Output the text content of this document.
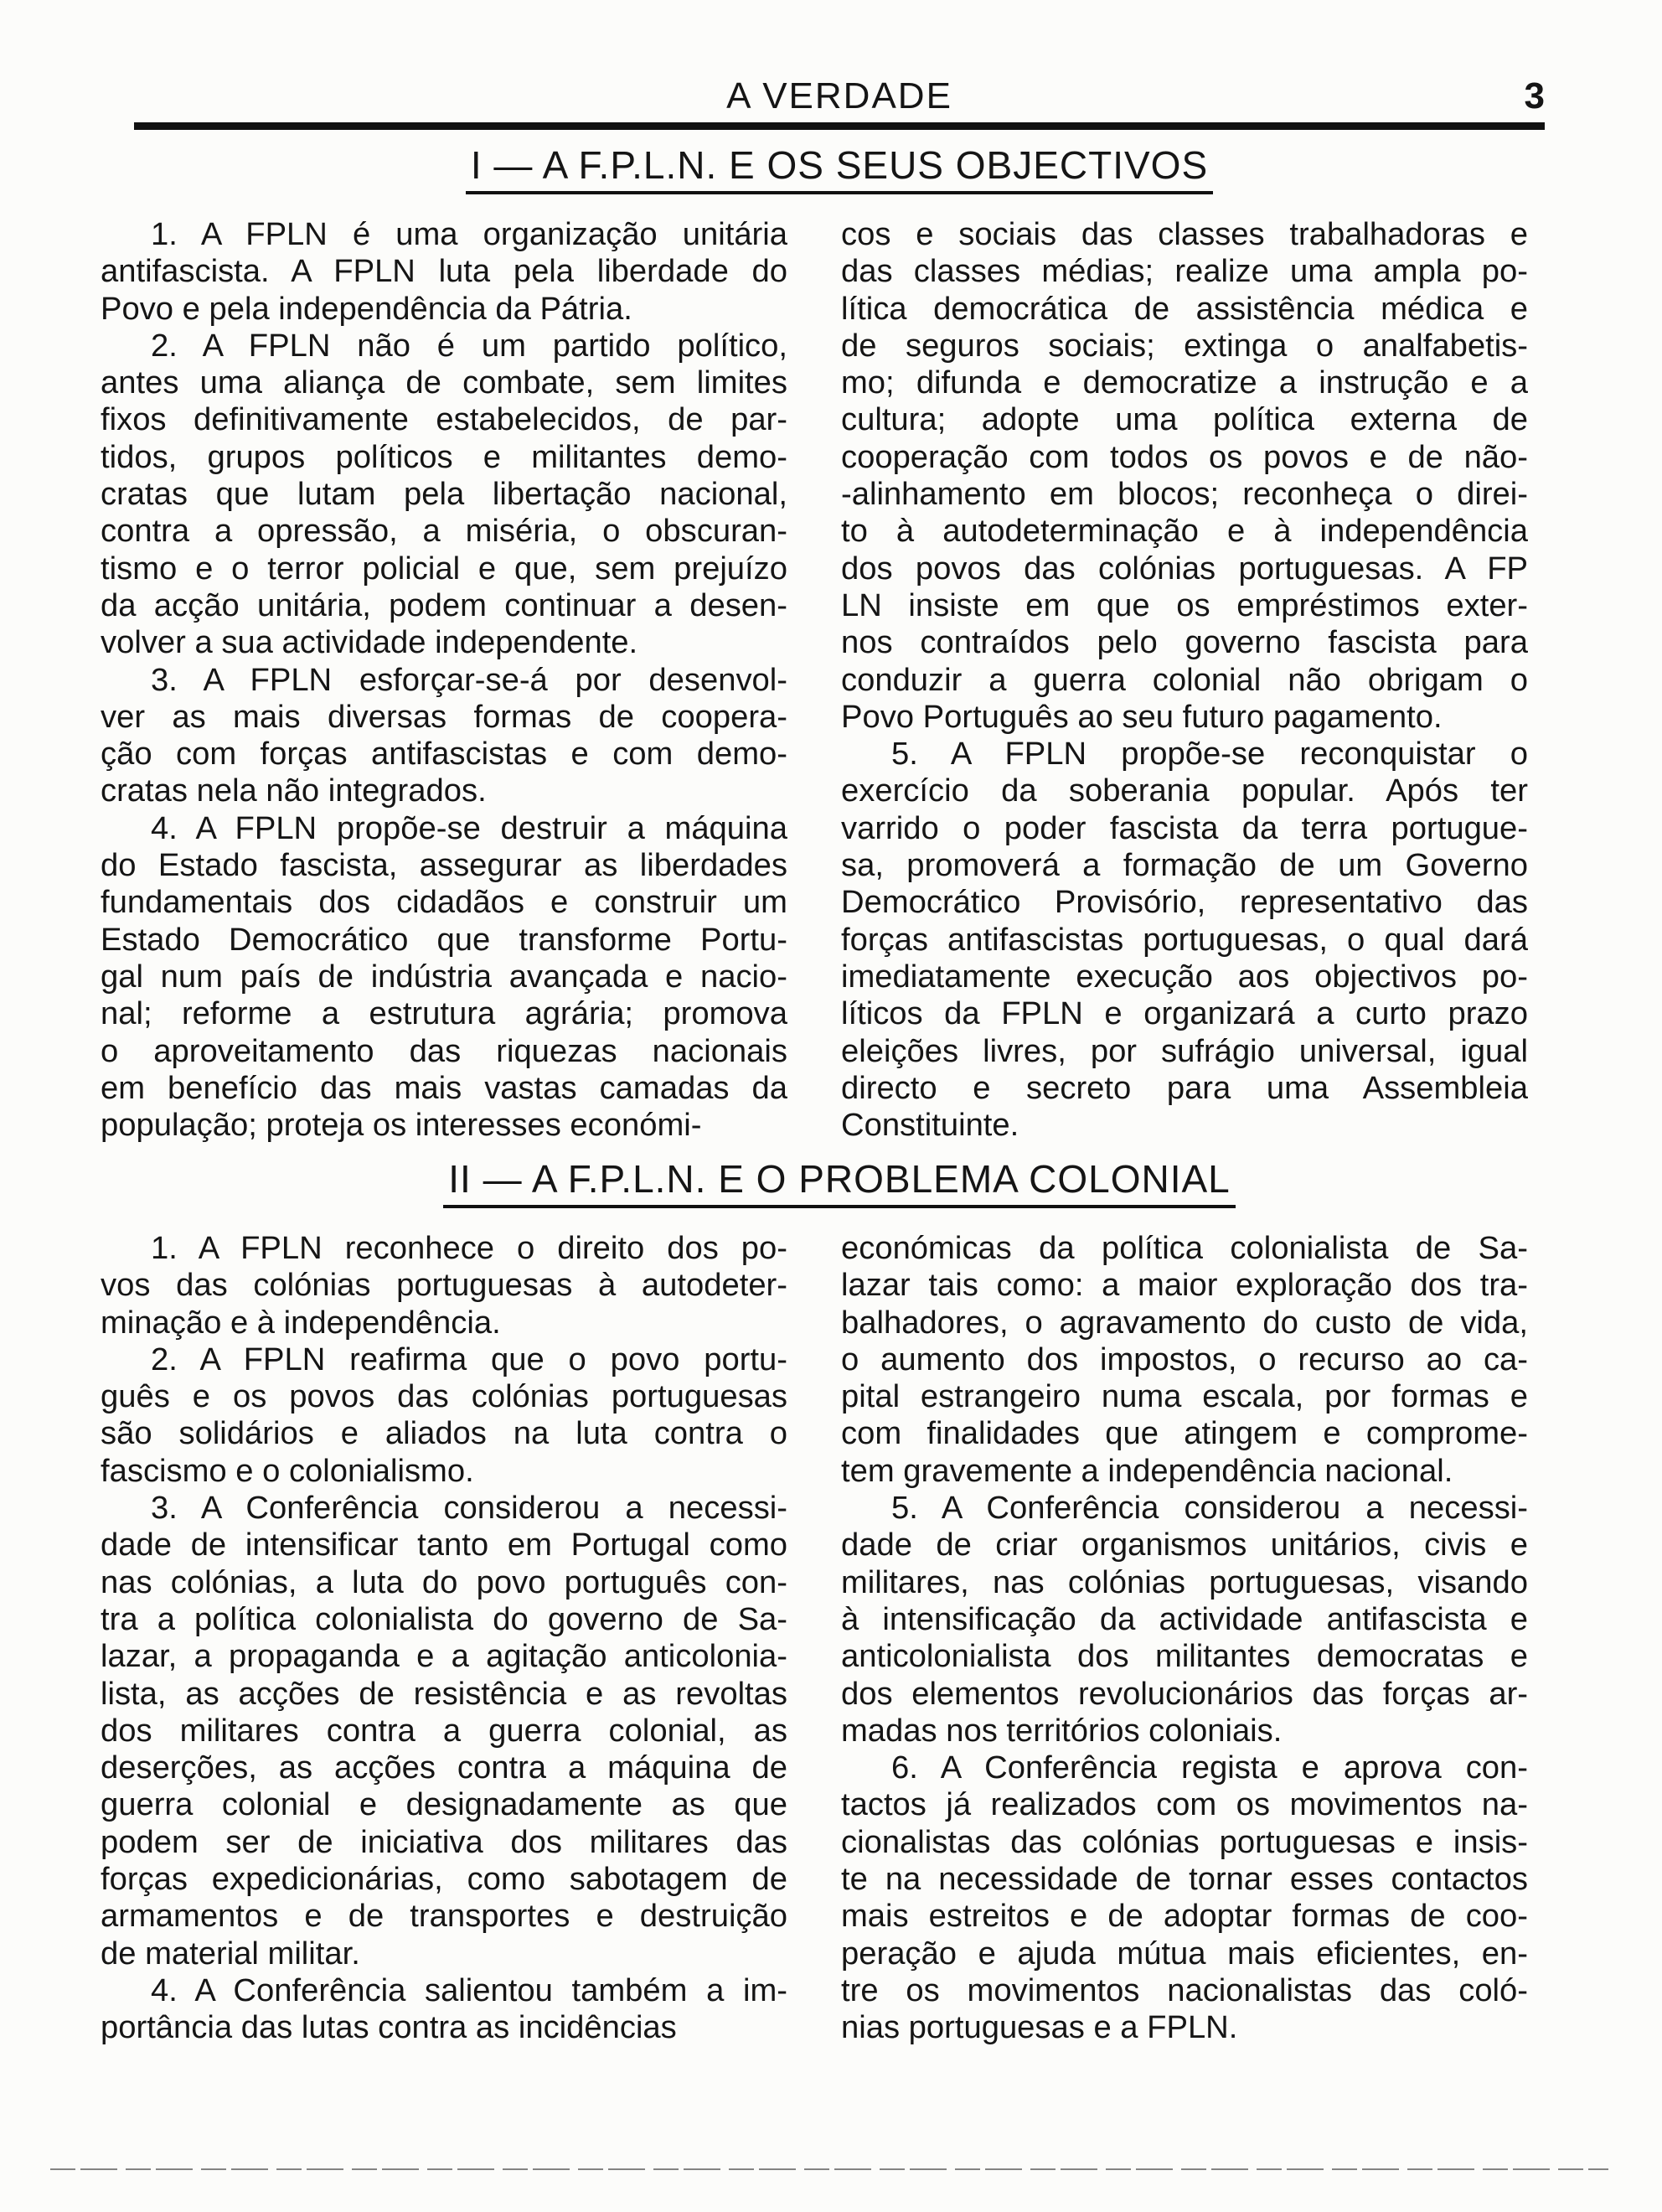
A VERDADE	3
I — A F.P.L.N. E OS SEUS OBJECTIVOS
1. A FPLN é uma organização unitária
antifascista. A FPLN luta pela liberdade do
Povo e pela independência da Pátria.
2. A FPLN não é um partido político,
antes uma aliança de combate, sem limites
fixos definitivamente estabelecidos, de par-
tidos, grupos políticos e militantes demo-
cratas que lutam pela libertação nacional,
contra a opressão, a miséria, o obscuran-
tismo e o terror policial e que, sem prejuízo
da acção unitária, podem continuar a desen-
volver a sua actividade independente.
3. A FPLN esforçar-se-á por desenvol-
ver as mais diversas formas de coopera-
ção com forças antifascistas e com demo-
cratas nela não integrados.
4. A FPLN propõe-se destruir a máquina
do Estado fascista, assegurar as liberdades
fundamentais dos cidadãos e construir um
Estado Democrático que transforme Portu-
gal num país de indústria avançada e nacio-
nal; reforme a estrutura agrária; promova
o aproveitamento das riquezas nacionais
em benefício das mais vastas camadas da
população; proteja os interesses económi-
cos e sociais das classes trabalhadoras e
das classes médias; realize uma ampla po-
lítica democrática de assistência médica e
de seguros sociais; extinga o analfabetis-
mo; difunda e democratize a instrução e a
cultura; adopte uma política externa de
cooperação com todos os povos e de não-
-alinhamento em blocos; reconheça o direi-
to à autodeterminação e à independência
dos povos das colónias portuguesas. A FP
LN insiste em que os empréstimos exter-
nos contraídos pelo governo fascista para
conduzir a guerra colonial não obrigam o
Povo Português ao seu futuro pagamento.
5. A FPLN propõe-se reconquistar o
exercício da soberania popular. Após ter
varrido o poder fascista da terra portugue-
sa, promoverá a formação de um Governo
Democrático Provisório, representativo das
forças antifascistas portuguesas, o qual dará
imediatamente execução aos objectivos po-
líticos da FPLN e organizará a curto prazo
eleições livres, por sufrágio universal, igual
directo e secreto para uma Assembleia
Constituinte.
II — A F.P.L.N. E O PROBLEMA COLONIAL
1. A FPLN reconhece o direito dos po-
vos das colónias portuguesas à autodeter-
minação e à independência.
2. A FPLN reafirma que o povo portu-
guês e os povos das colónias portuguesas
são solidários e aliados na luta contra o
fascismo e o colonialismo.
3. A Conferência considerou a necessi-
dade de intensificar tanto em Portugal como
nas colónias, a luta do povo português con-
tra a política colonialista do governo de Sa-
lazar, a propaganda e a agitação anticolonia-
lista, as acções de resistência e as revoltas
dos militares contra a guerra colonial, as
deserções, as acções contra a máquina de
guerra colonial e designadamente as que
podem ser de iniciativa dos militares das
forças expedicionárias, como sabotagem de
armamentos e de transportes e destruição
de material militar.
4. A Conferência salientou também a im-
portância das lutas contra as incidências
económicas da política colonialista de Sa-
lazar tais como: a maior exploração dos tra-
balhadores, o agravamento do custo de vida,
o aumento dos impostos, o recurso ao ca-
pital estrangeiro numa escala, por formas e
com finalidades que atingem e comprome-
tem gravemente a independência nacional.
5. A Conferência considerou a necessi-
dade de criar organismos unitários, civis e
militares, nas colónias portuguesas, visando
à intensificação da actividade antifascista e
anticolonialista dos militantes democratas e
dos elementos revolucionários das forças ar-
madas nos territórios coloniais.
6. A Conferência regista e aprova con-
tactos já realizados com os movimentos na-
cionalistas das colónias portuguesas e insis-
te na necessidade de tornar esses contactos
mais estreitos e de adoptar formas de coo-
peração e ajuda mútua mais eficientes, en-
tre os movimentos nacionalistas das coló-
nias portuguesas e a FPLN.
